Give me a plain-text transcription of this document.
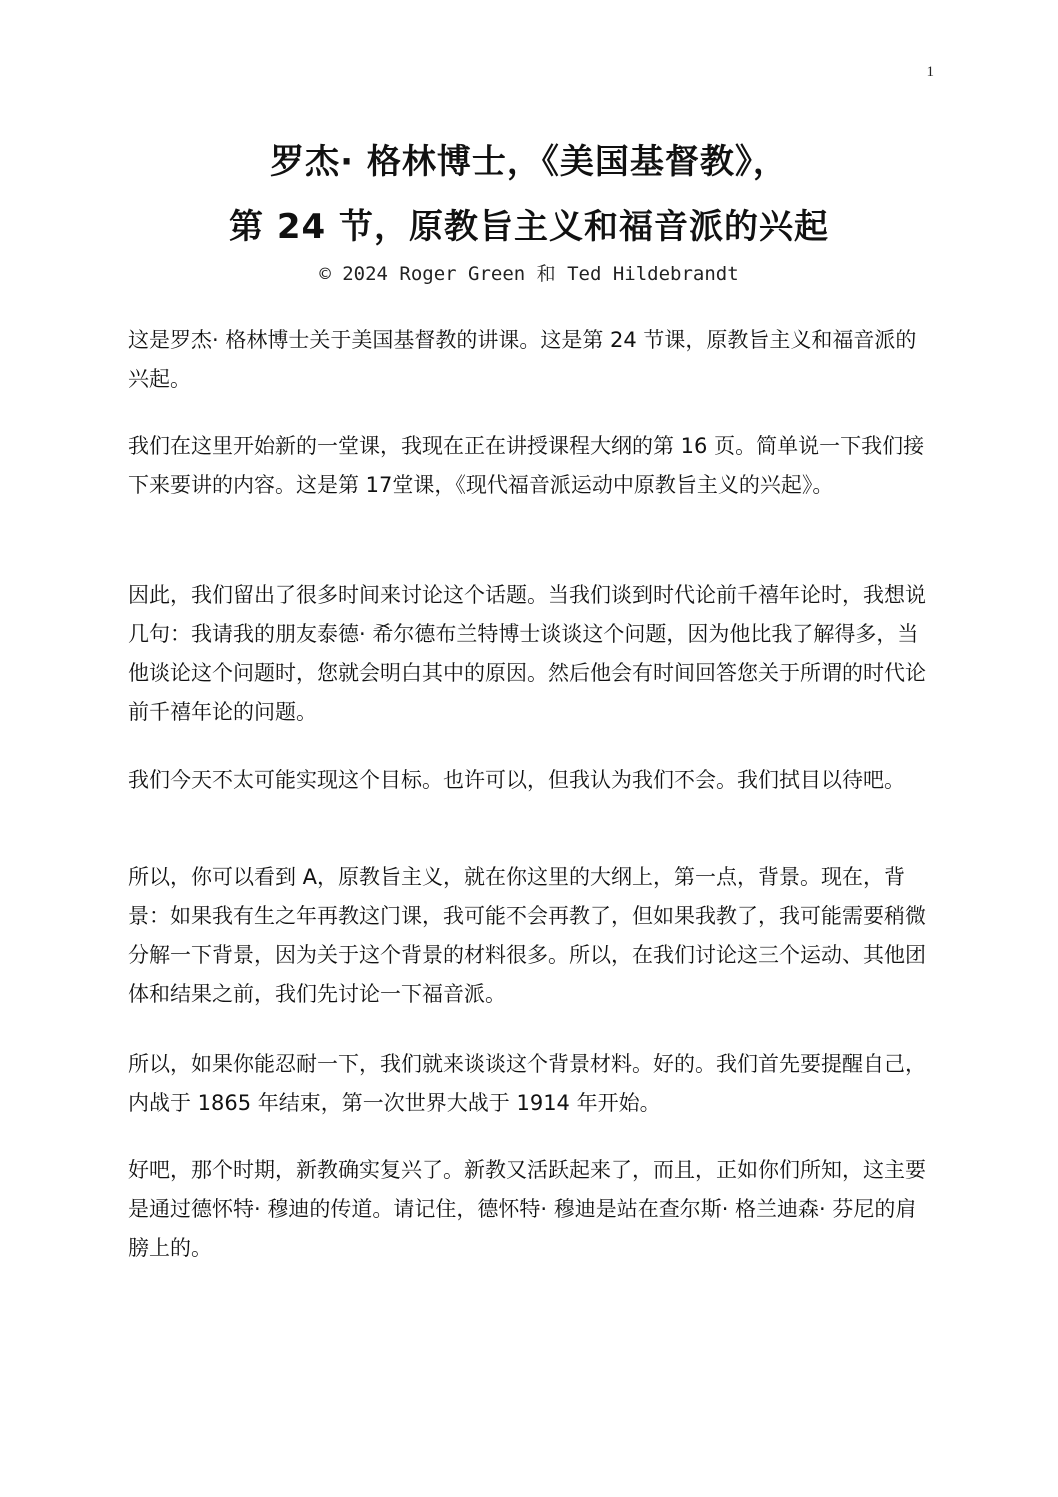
1
罗杰· 格林博士，《美国基督教》，
第 24 节，原教旨主义和福音派的兴起
© 2024 Roger Green 和 Ted Hildebrandt

这是罗杰· 格林博士关于美国基督教的讲课。这是第 24 节课，原教旨主义和福音派的兴起。

我们在这里开始新的一堂课，我现在正在讲授课程大纲的第 16 页。简单说一下我们接下来要讲的内容。这是第 17堂课，《现代福音派运动中原教旨主义的兴起》。

因此，我们留出了很多时间来讨论这个话题。当我们谈到时代论前千禧年论时，我想说几句：我请我的朋友泰德· 希尔德布兰特博士谈谈这个问题，因为他比我了解得多，当他谈论这个问题时，您就会明白其中的原因。然后他会有时间回答您关于所谓的时代论前千禧年论的问题。

我们今天不太可能实现这个目标。也许可以，但我认为我们不会。我们拭目以待吧。

所以，你可以看到 A，原教旨主义，就在你这里的大纲上，第一点，背景。现在，背景：如果我有生之年再教这门课，我可能不会再教了，但如果我教了，我可能需要稍微分解一下背景，因为关于这个背景的材料很多。所以，在我们讨论这三个运动、其他团体和结果之前，我们先讨论一下福音派。

所以，如果你能忍耐一下，我们就来谈谈这个背景材料。好的。我们首先要提醒自己，内战于 1865 年结束，第一次世界大战于 1914 年开始。

好吧，那个时期，新教确实复兴了。新教又活跃起来了，而且，正如你们所知，这主要是通过德怀特· 穆迪的传道。请记住，德怀特· 穆迪是站在查尔斯· 格兰迪森· 芬尼的肩膀上的。
